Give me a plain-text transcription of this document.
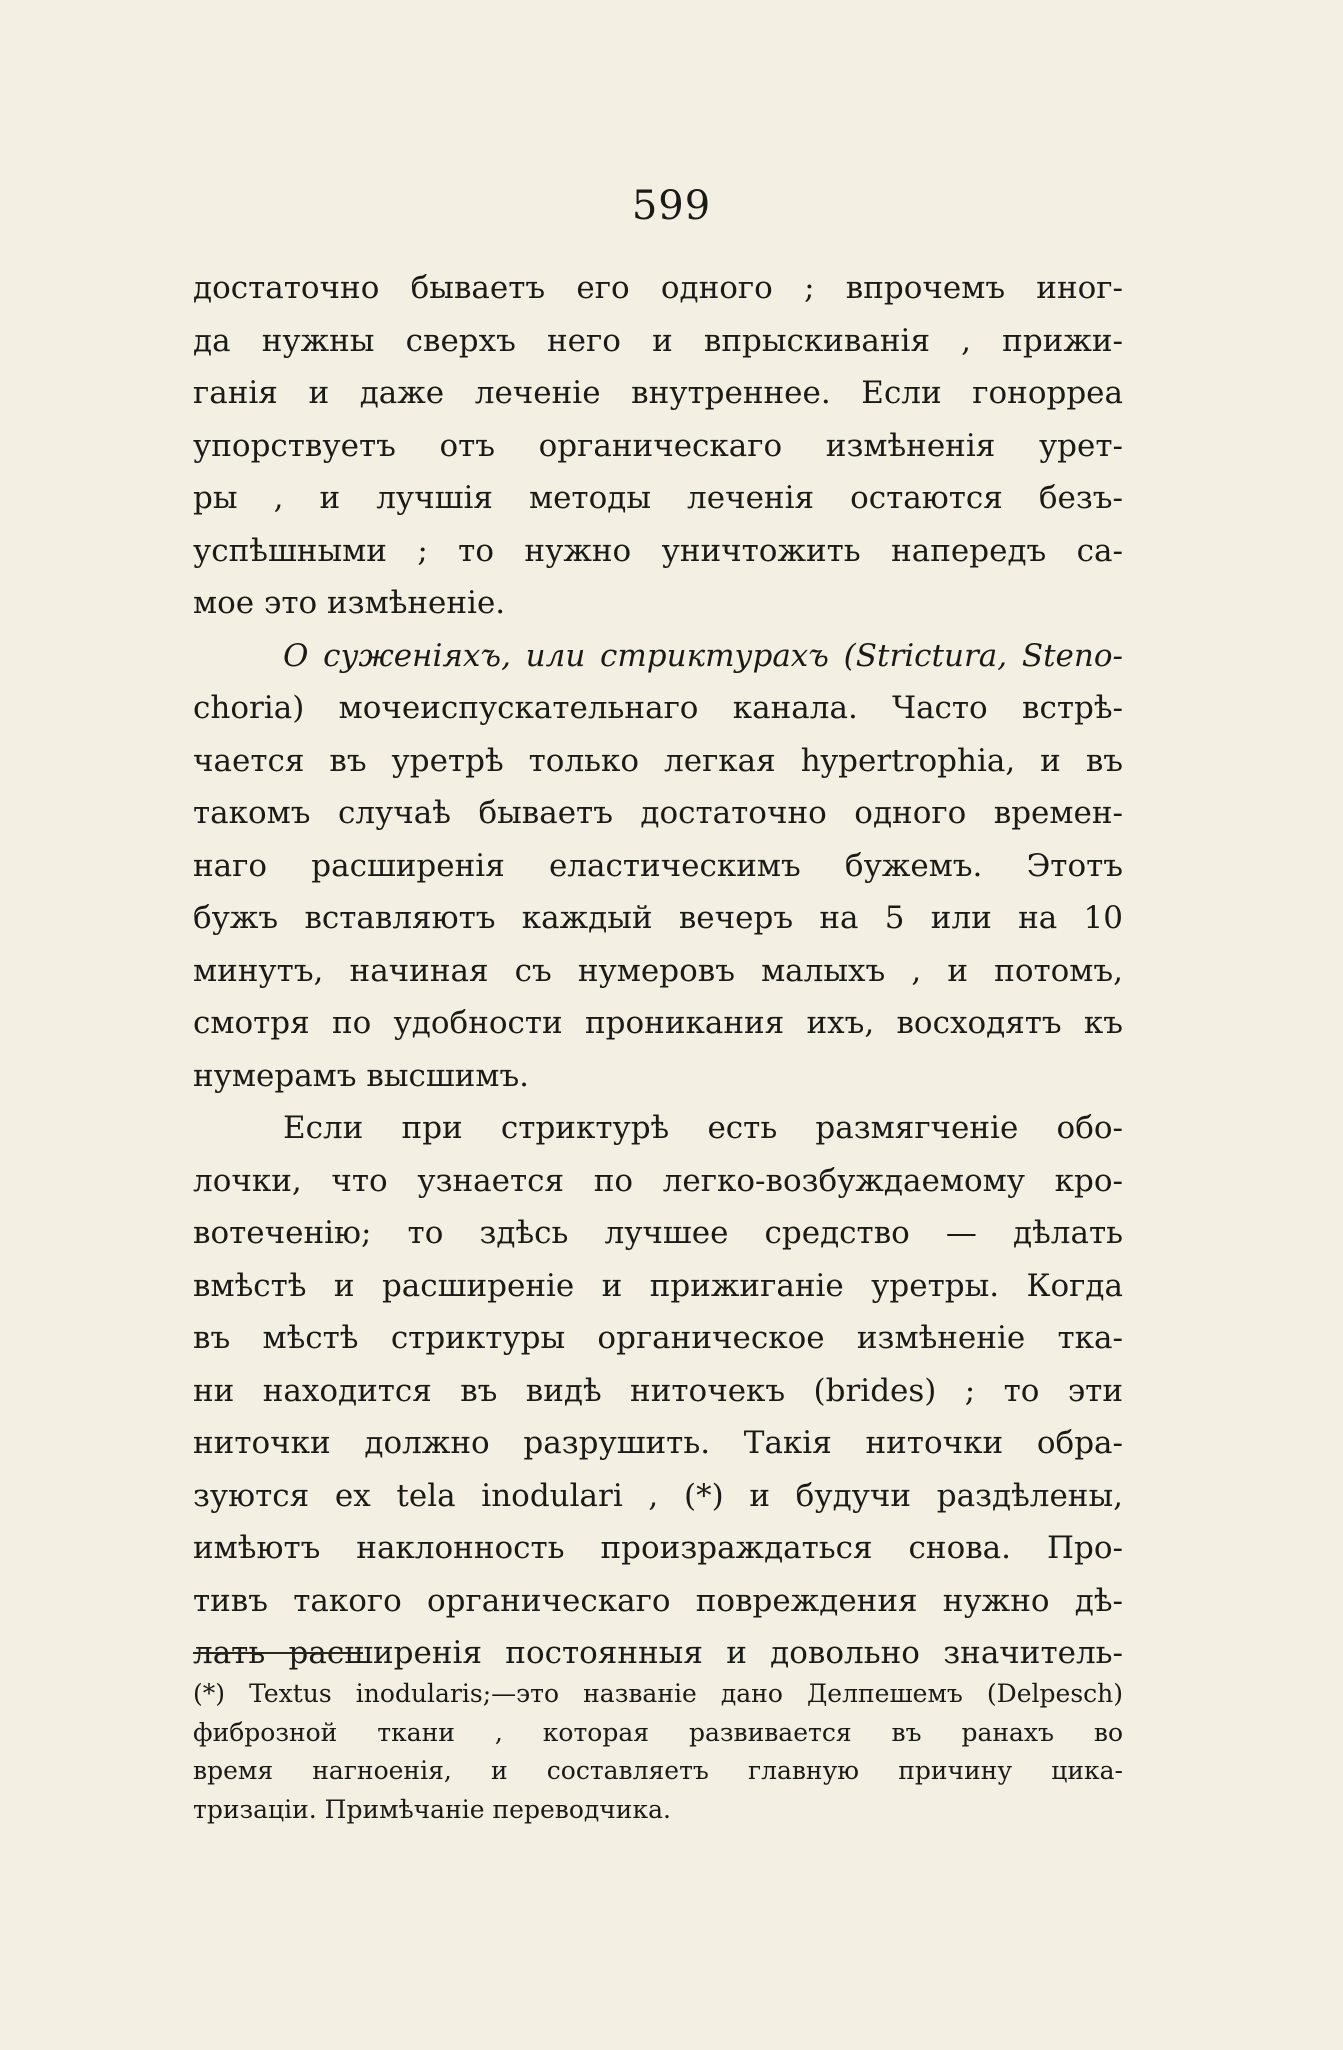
599
достаточно бываетъ его одного ; впрочемъ иног-
да нужны сверхъ него и впрыскиванія , прижи-
ганія и даже леченіе внутреннее. Если гонорреа
упорствуетъ отъ органическаго измѣненія урет-
ры , и лучшія методы леченія остаются безъ-
успѣшными ; то нужно уничтожить напередъ са-
мое это измѣненіе.
О суженіяхъ, или стриктурахъ (Strictura, Steno-
chorіa) мочеиспускательнаго канала. Часто встрѣ-
чается въ уретрѣ только легкая hypertrophia, и въ
такомъ случаѣ бываетъ достаточно одного времен-
наго расширенія еластическимъ бужемъ. Этотъ
бужъ вставляютъ каждый вечеръ на 5 или на 10
минутъ, начиная съ нумеровъ малыхъ , и потомъ,
смотря по удобности проникания ихъ, восходятъ къ
нумерамъ высшимъ.
Если при стриктурѣ есть размягченіе обо-
лочки, что узнается по легко-возбуждаемому кро-
вотеченію; то здѣсь лучшее средство — дѣлать
вмѣстѣ и расширеніе и прижиганіе уретры. Когда
въ мѣстѣ стриктуры органическое измѣненіе тка-
ни находится въ видѣ ниточекъ (brides) ; то эти
ниточки должно разрушить. Такія ниточки обра-
зуются ex tela inodulari , (*) и будучи раздѣлены,
имѣютъ наклонность произраждаться снова. Про-
тивъ такого органическаго повреждения нужно дѣ-
лать расширенія постоянныя и довольно значитель-
(*) Textus inodularis;—это названіе дано Делпешемъ (Delpesch)
фиброзной ткани , которая развивается въ ранахъ во
время нагноенія, и составляетъ главную причину цика-
тризаціи. Примѣчаніе переводчика.
